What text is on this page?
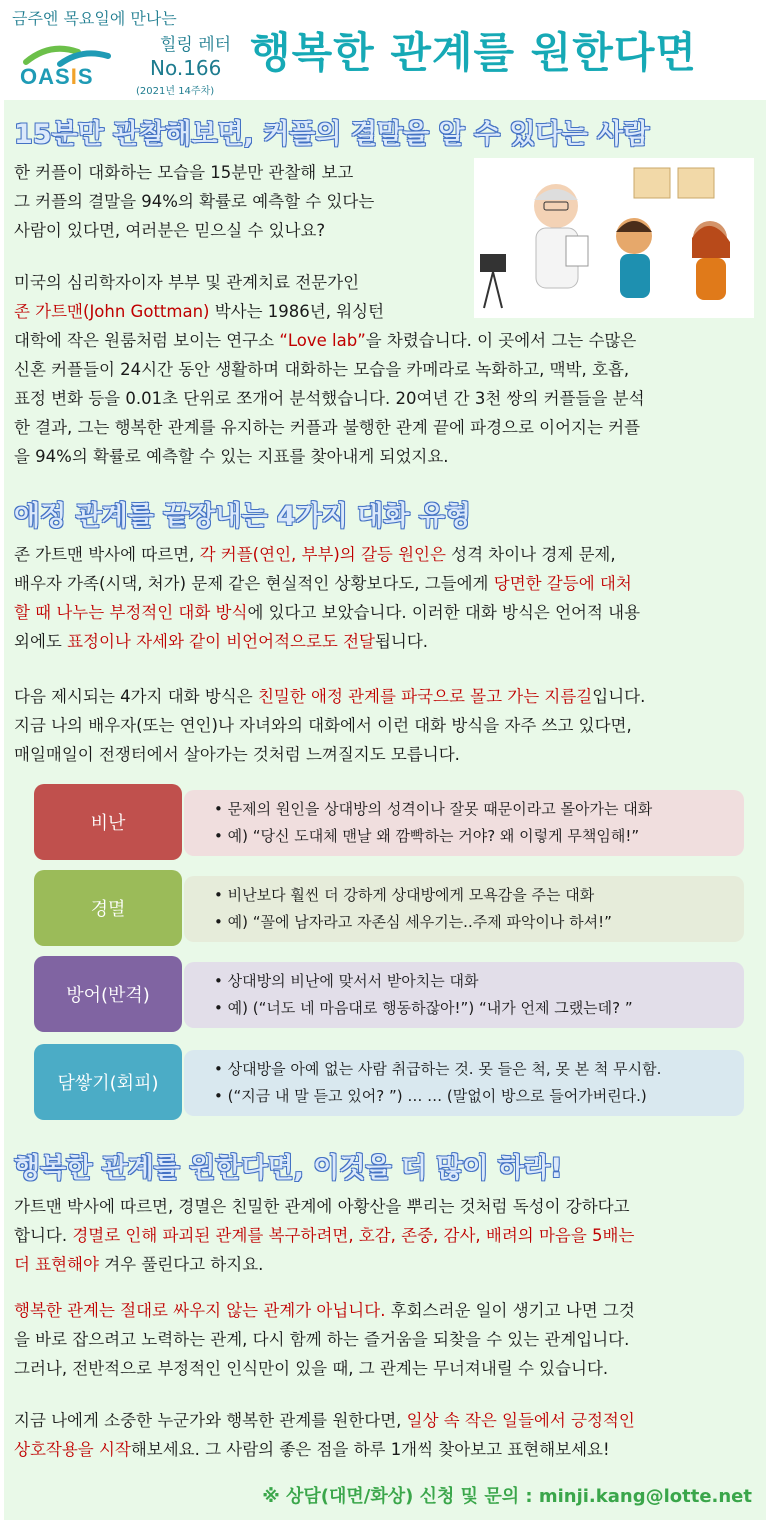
금주엔 목요일에 만나는
힐링 레터
No.166
(2021년 14주차)
OASIS	행복한 관계를 원한다면
15분만 관찰해보면, 커플의 결말을 알 수 있다는 사람
한 커플이 대화하는 모습을 15분만 관찰해 보고
그 커플의 결말을 94%의 확률로 예측할 수 있다는
사람이 있다면, 여러분은 믿으실 수 있나요?
미국의 심리학자이자 부부 및 관계치료 전문가인
존 가트맨(John Gottman) 박사는 1986년, 워싱턴
대학에 작은 원룸처럼 보이는 연구소 “Love lab”을 차렸습니다. 이 곳에서 그는 수많은
신혼 커플들이 24시간 동안 생활하며 대화하는 모습을 카메라로 녹화하고, 맥박, 호흡,
표정 변화 등을 0.01초 단위로 쪼개어 분석했습니다. 20여년 간 3천 쌍의 커플들을 분석
한 결과, 그는 행복한 관계를 유지하는 커플과 불행한 관계 끝에 파경으로 이어지는 커플
을 94%의 확률로 예측할 수 있는 지표를 찾아내게 되었지요.
애정 관계를 끝장내는 4가지 대화 유형
존 가트맨 박사에 따르면, 각 커플(연인, 부부)의 갈등 원인은 성격 차이나 경제 문제,
배우자 가족(시댁, 처가) 문제 같은 현실적인 상황보다도, 그들에게 당면한 갈등에 대처
할 때 나누는 부정적인 대화 방식에 있다고 보았습니다. 이러한 대화 방식은 언어적 내용
외에도 표정이나 자세와 같이 비언어적으로도 전달됩니다.
다음 제시되는 4가지 대화 방식은 친밀한 애정 관계를 파국으로 몰고 가는 지름길입니다.
지금 나의 배우자(또는 연인)나 자녀와의 대화에서 이런 대화 방식을 자주 쓰고 있다면,
매일매일이 전쟁터에서 살아가는 것처럼 느껴질지도 모릅니다.
비난
• 문제의 원인을 상대방의 성격이나 잘못 때문이라고 몰아가는 대화
• 예) “당신 도대체 맨날 왜 깜빡하는 거야? 왜 이렇게 무책임해!”
경멸
• 비난보다 훨씬 더 강하게 상대방에게 모욕감을 주는 대화
• 예) “꼴에 남자라고 자존심 세우기는..주제 파악이나 하셔!”
방어(반격)
• 상대방의 비난에 맞서서 받아치는 대화
• 예) (“너도 네 마음대로 행동하잖아!”) “내가 언제 그랬는데? ”
담쌓기(회피)
• 상대방을 아예 없는 사람 취급하는 것. 못 들은 척, 못 본 척 무시함.
• (“지금 내 말 듣고 있어? ”) … … (말없이 방으로 들어가버린다.)
행복한 관계를 원한다면, 이것을 더 많이 하라!
가트맨 박사에 따르면, 경멸은 친밀한 관계에 아황산을 뿌리는 것처럼 독성이 강하다고
합니다. 경멸로 인해 파괴된 관계를 복구하려면, 호감, 존중, 감사, 배려의 마음을 5배는
더 표현해야 겨우 풀린다고 하지요.
행복한 관계는 절대로 싸우지 않는 관계가 아닙니다. 후회스러운 일이 생기고 나면 그것
을 바로 잡으려고 노력하는 관계, 다시 함께 하는 즐거움을 되찾을 수 있는 관계입니다.
그러나, 전반적으로 부정적인 인식만이 있을 때, 그 관계는 무너져내릴 수 있습니다.
지금 나에게 소중한 누군가와 행복한 관계를 원한다면, 일상 속 작은 일들에서 긍정적인
상호작용을 시작해보세요. 그 사람의 좋은 점을 하루 1개씩 찾아보고 표현해보세요!
※ 상담(대면/화상) 신청 및 문의 : minji.kang@lotte.net
